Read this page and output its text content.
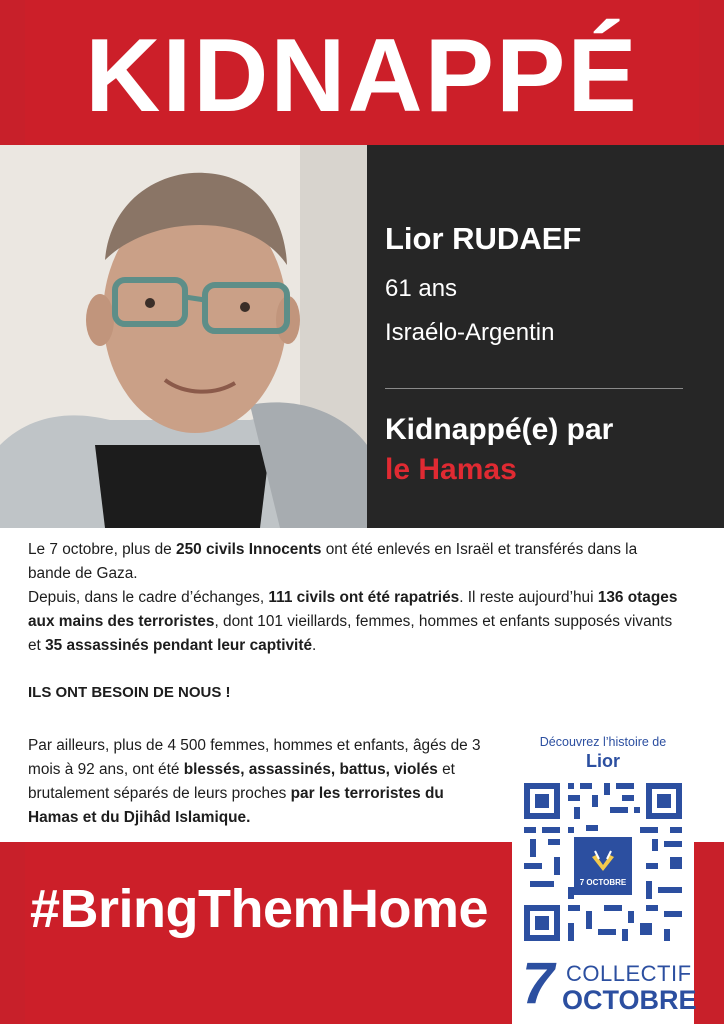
KIDNAPPÉ
Lior RUDAEF
61 ans
Israélo-Argentin
Kidnappé(e) par
le Hamas

Le 7 octobre, plus de 250 civils Innocents ont été enlevés en Israël et transférés dans la bande de Gaza.

Depuis, dans le cadre d’échanges, 111 civils ont été rapatriés. Il reste aujourd’hui 136 otages aux mains des terroristes, dont 101 vieillards, femmes, hommes et enfants supposés vivants et 35 assassinés pendant leur captivité.

ILS ONT BESOIN DE NOUS !
Par ailleurs, plus de 4 500 femmes, hommes et enfants, âgés de 3 mois à 92 ans, ont été blessés, assassinés, battus, violés et brutalement séparés de leurs proches par les terroristes du Hamas et du Djihâd Islamique.
#BringThemHome
Découvrez l’histoire de
Lior
7 OCTOBRE
7 COLLECTIF
OCTOBRE
